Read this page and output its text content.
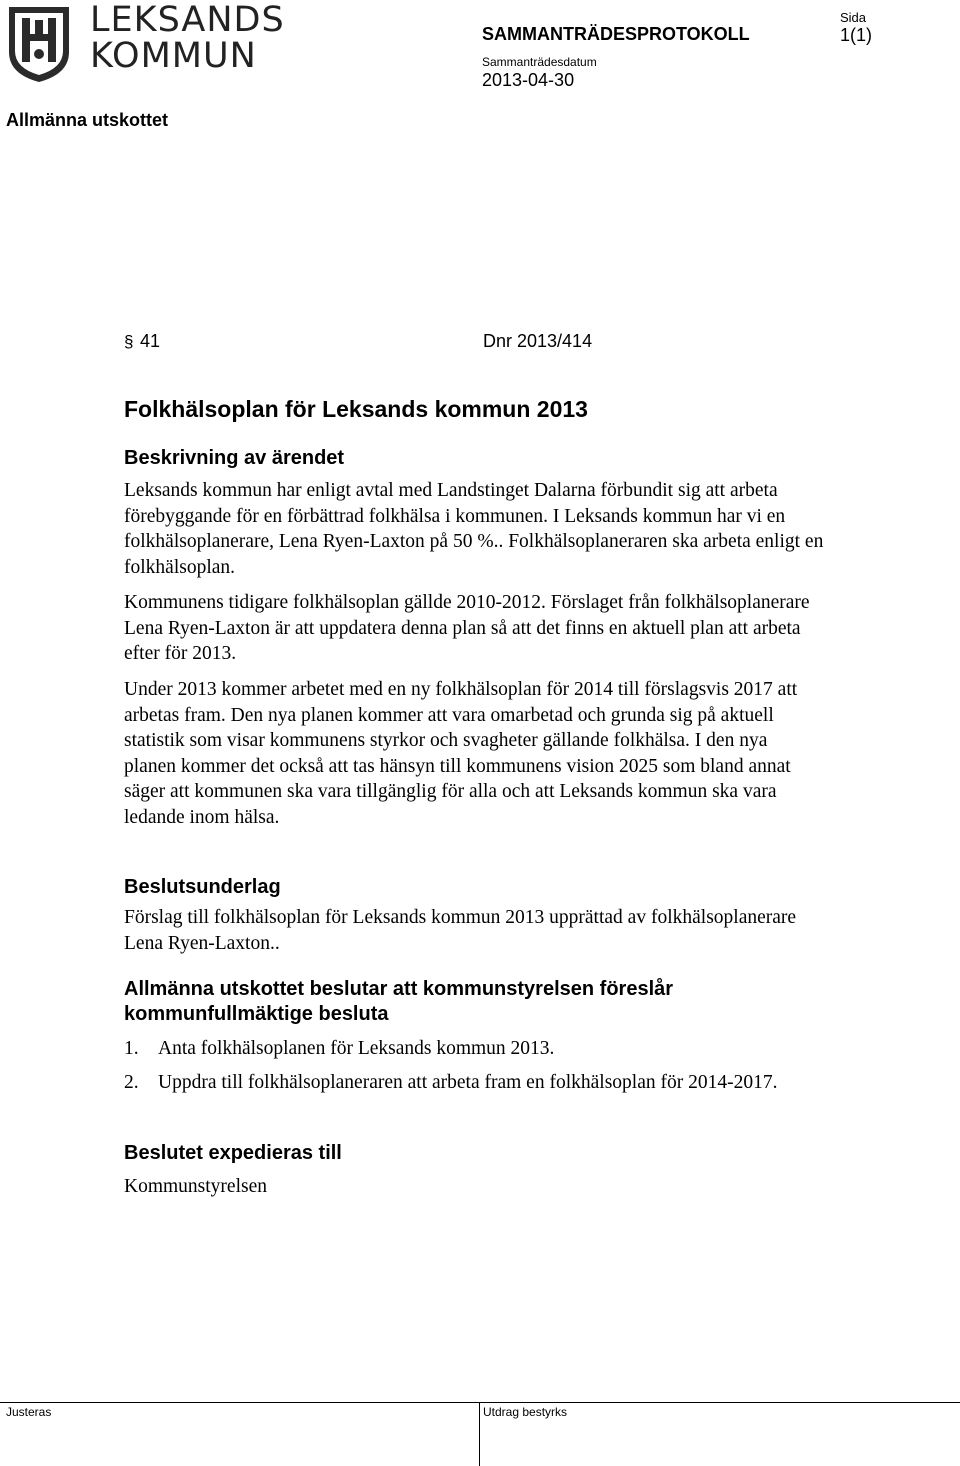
LEKSANDS
KOMMUN
SAMMANTRÄDESPROTOKOLL
Sammanträdesdatum
2013-04-30
Sida
1(1)
Allmänna utskottet
§ 41	Dnr 2013/414
Folkhälsoplan för Leksands kommun 2013
Beskrivning av ärendet

Leksands kommun har enligt avtal med Landstinget Dalarna förbundit sig att arbeta förebyggande för en förbättrad folkhälsa i kommunen. I Leksands kommun har vi en folkhälsoplanerare, Lena Ryen-Laxton på 50 %.. Folkhälsoplaneraren ska arbeta enligt en folkhälsoplan.

Kommunens tidigare folkhälsoplan gällde 2010-2012. Förslaget från folkhälsoplanerare Lena Ryen-Laxton är att uppdatera denna plan så att det finns en aktuell plan att arbeta efter för 2013.

Under 2013 kommer arbetet med en ny folkhälsoplan för 2014 till förslagsvis 2017 att arbetas fram. Den nya planen kommer att vara omarbetad och grunda sig på aktuell statistik som visar kommunens styrkor och svagheter gällande folkhälsa. I den nya planen kommer det också att tas hänsyn till kommunens vision 2025 som bland annat säger att kommunen ska vara tillgänglig för alla och att Leksands kommun ska vara ledande inom hälsa.

Beslutsunderlag

Förslag till folkhälsoplan för Leksands kommun 2013 upprättad av folkhälsoplanerare Lena Ryen-Laxton..

Allmänna utskottet beslutar att kommunstyrelsen föreslår kommunfullmäktige besluta
1. Anta folkhälsoplanen för Leksands kommun 2013.
2. Uppdra till folkhälsoplaneraren att arbeta fram en folkhälsoplan för 2014-2017.
Beslutet expedieras till

Kommunstyrelsen

Justeras	Utdrag bestyrks
